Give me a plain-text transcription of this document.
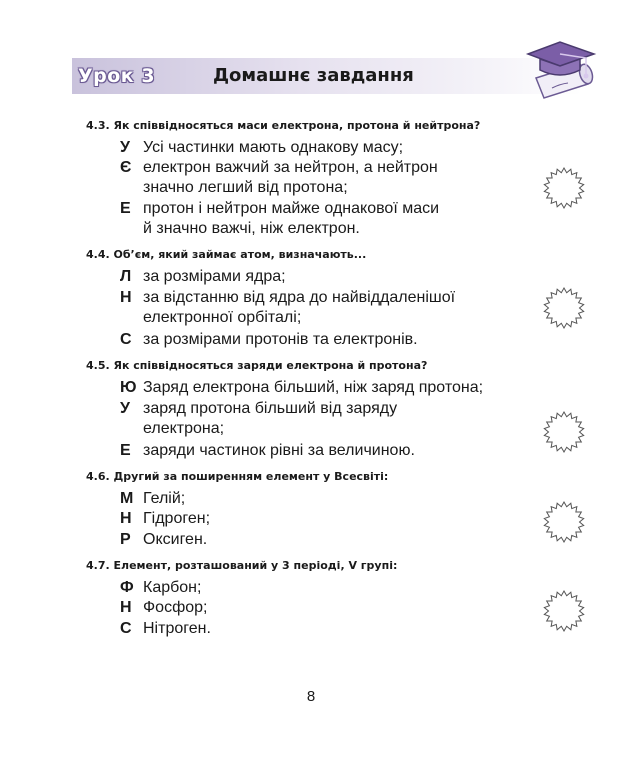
Урок 3	Домашнє завдання
4.3. Як співвідносяться маси електрона, протона й нейтрона?
У Усі частинки мають однакову масу;
Є електрон важчий за нейтрон, а нейтрон
значно легший від протона;
Е протон і нейтрон майже однакової маси
й значно важчі, ніж електрон.
4.4. Об’єм, який займає атом, визначають...
Л за розмірами ядра;
Н за відстанню від ядра до найвіддаленішої
електронної орбіталі;
С за розмірами протонів та електронів.
4.5. Як співвідносяться заряди електрона й протона?
Ю Заряд електрона більший, ніж заряд протона;
У заряд протона більший від заряду
електрона;
Е заряди частинок рівні за величиною.
4.6. Другий за поширенням елемент у Всесвіті:
М Гелій;
Н Гідроген;
Р Оксиген.
4.7. Елемент, розташований у 3 періоді, V групі:
Ф Карбон;
Н Фосфор;
С Нітроген.
8
